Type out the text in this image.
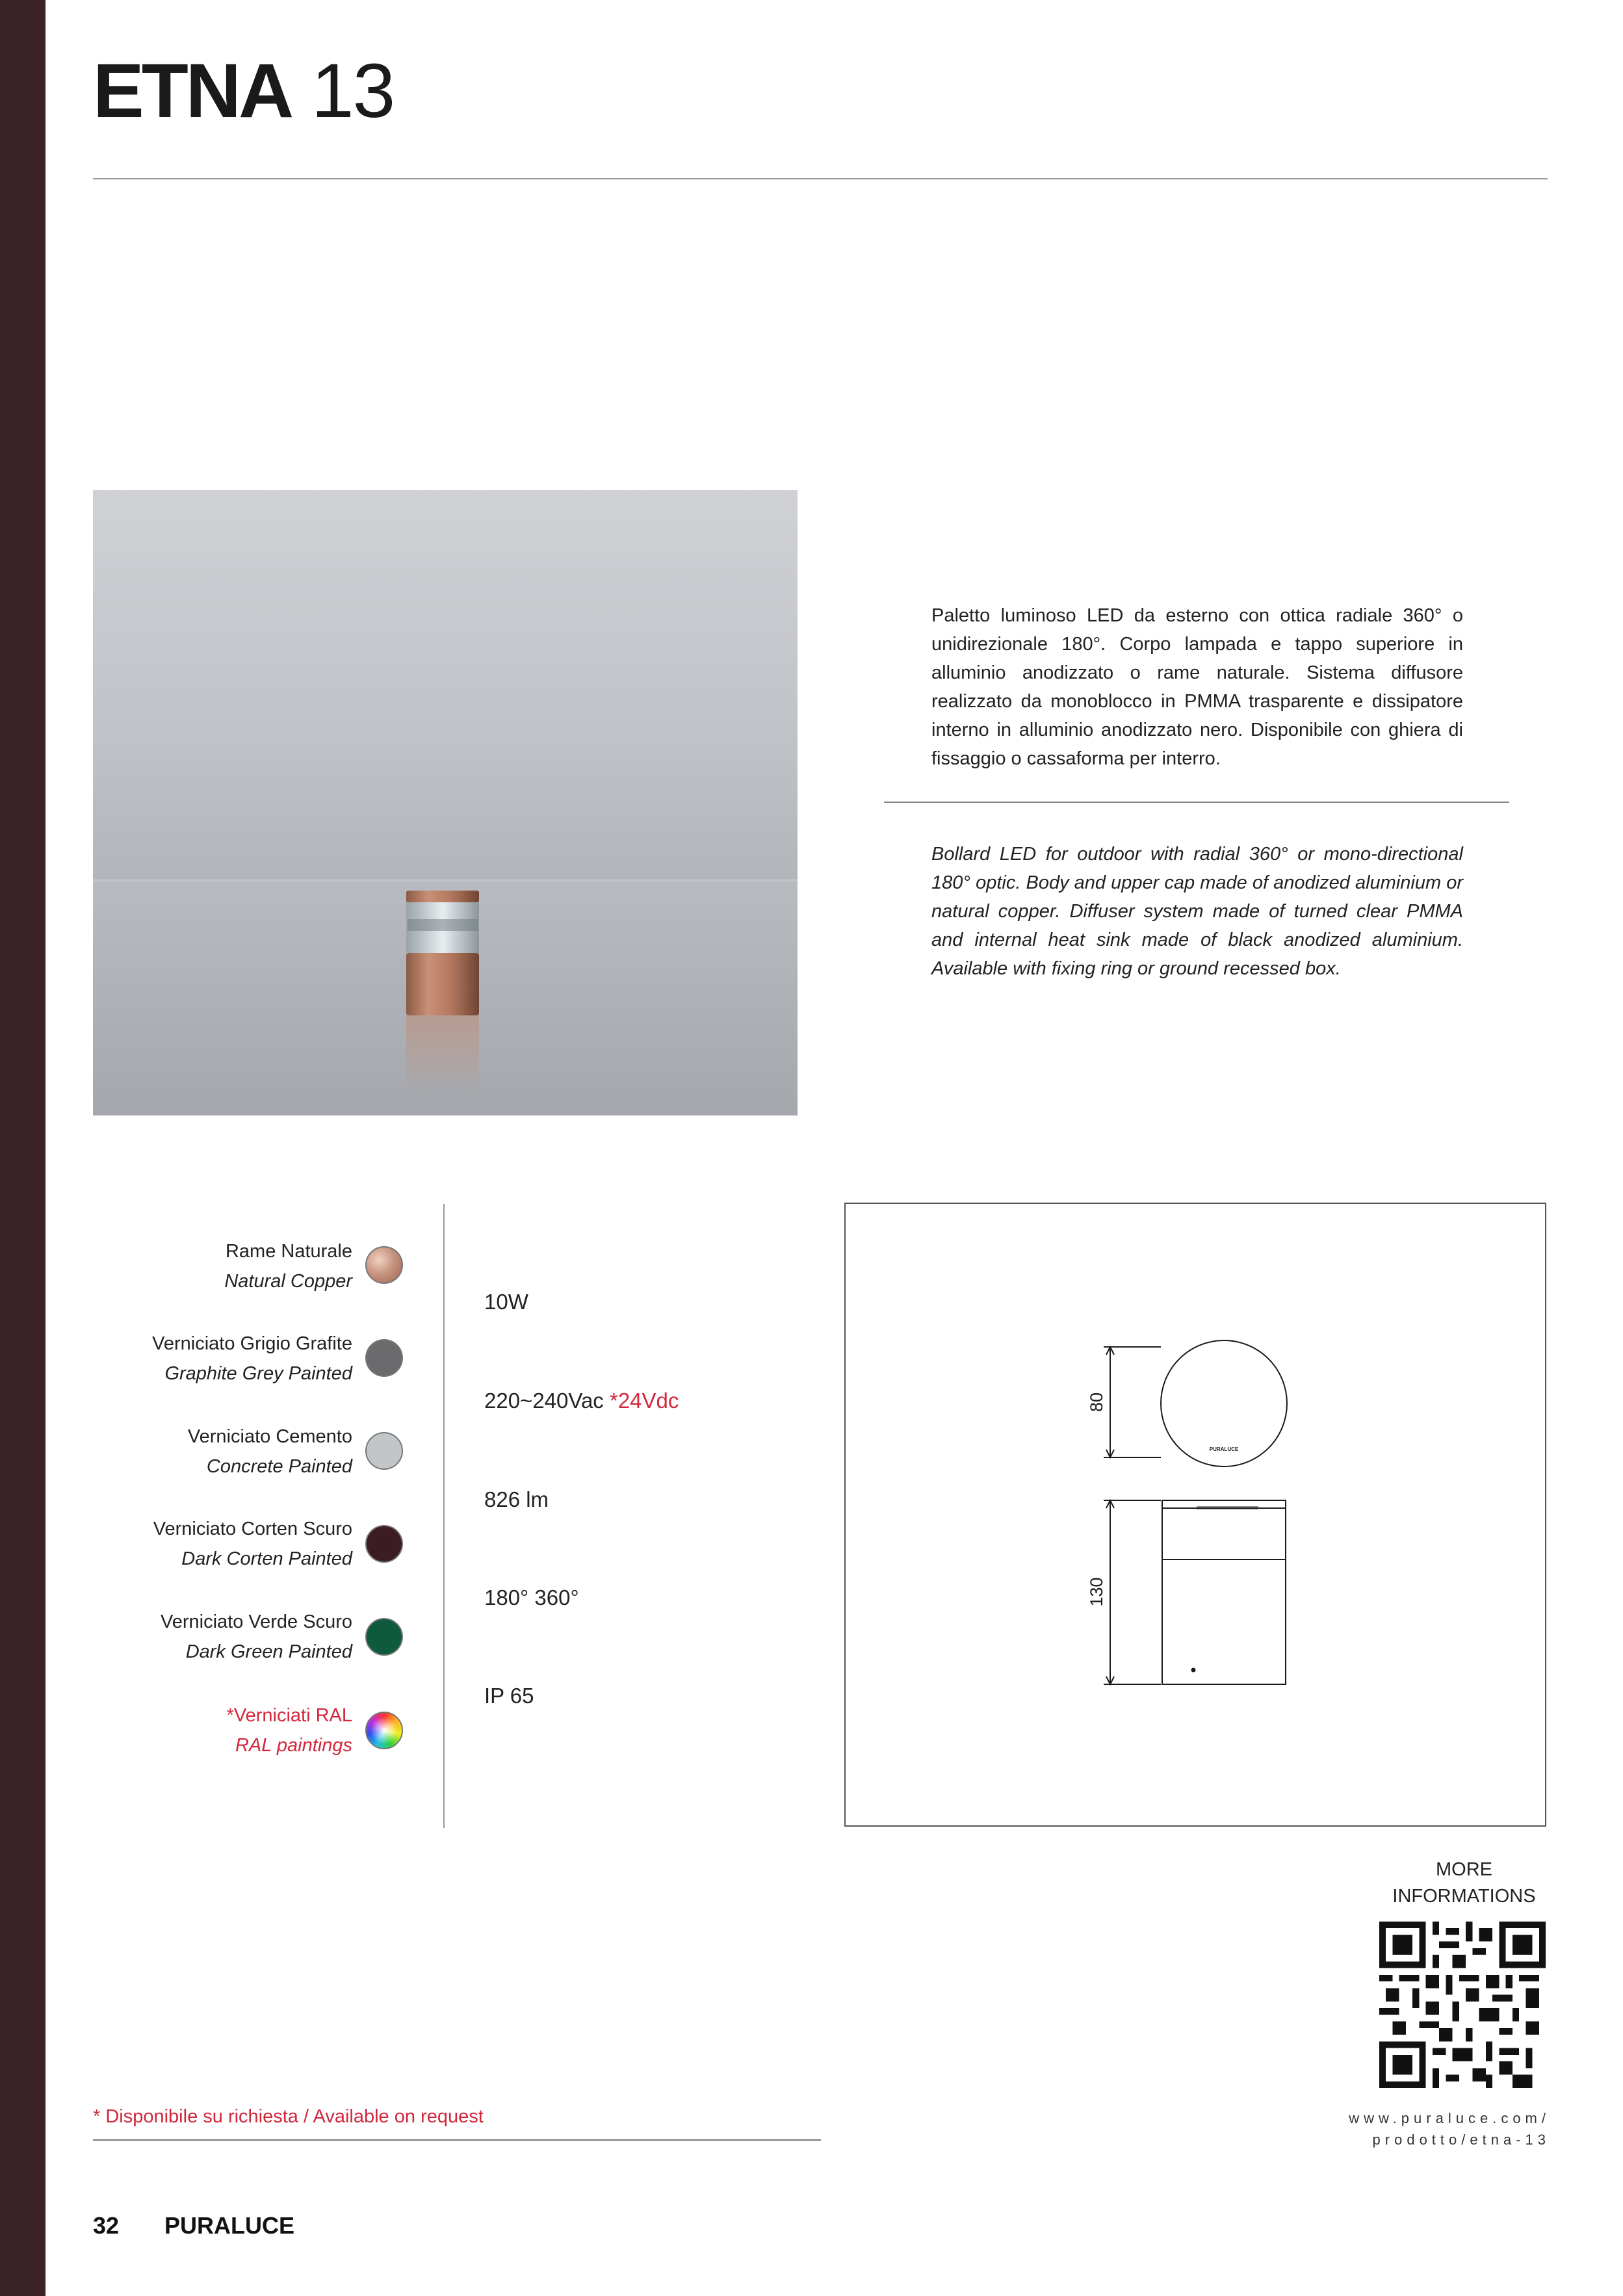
ETNA 13
Paletto luminoso LED da esterno con ottica radiale 360° o unidirezionale 180°. Corpo lampada e tappo superiore in alluminio anodizzato o rame naturale. Sistema diffusore realizzato da monoblocco in PMMA trasparente e dissipatore interno in alluminio anodizzato nero. Disponibile con ghiera di fissaggio o cassaforma per interro.
Bollard LED for outdoor with radial 360° or mono-directional 180° optic. Body and upper cap made of anodized aluminium or natural copper. Diffuser system made of turned clear PMMA and internal heat sink made of black anodized aluminium. Available with fixing ring or ground recessed box.
Rame Naturale
Natural Copper
Verniciato Grigio Grafite
Graphite Grey Painted
Verniciato Cemento
Concrete Painted
Verniciato Corten Scuro
Dark Corten Painted
Verniciato Verde Scuro
Dark Green Painted
*Verniciati RAL
RAL paintings
10W
220~240Vac *24Vdc
826 lm
180° 360°
IP 65
PURALUCE
80
130
MORE
INFORMATIONS
www.puraluce.com/
prodotto/etna-13
* Disponibile su richiesta / Available on request
32 PURALUCE
